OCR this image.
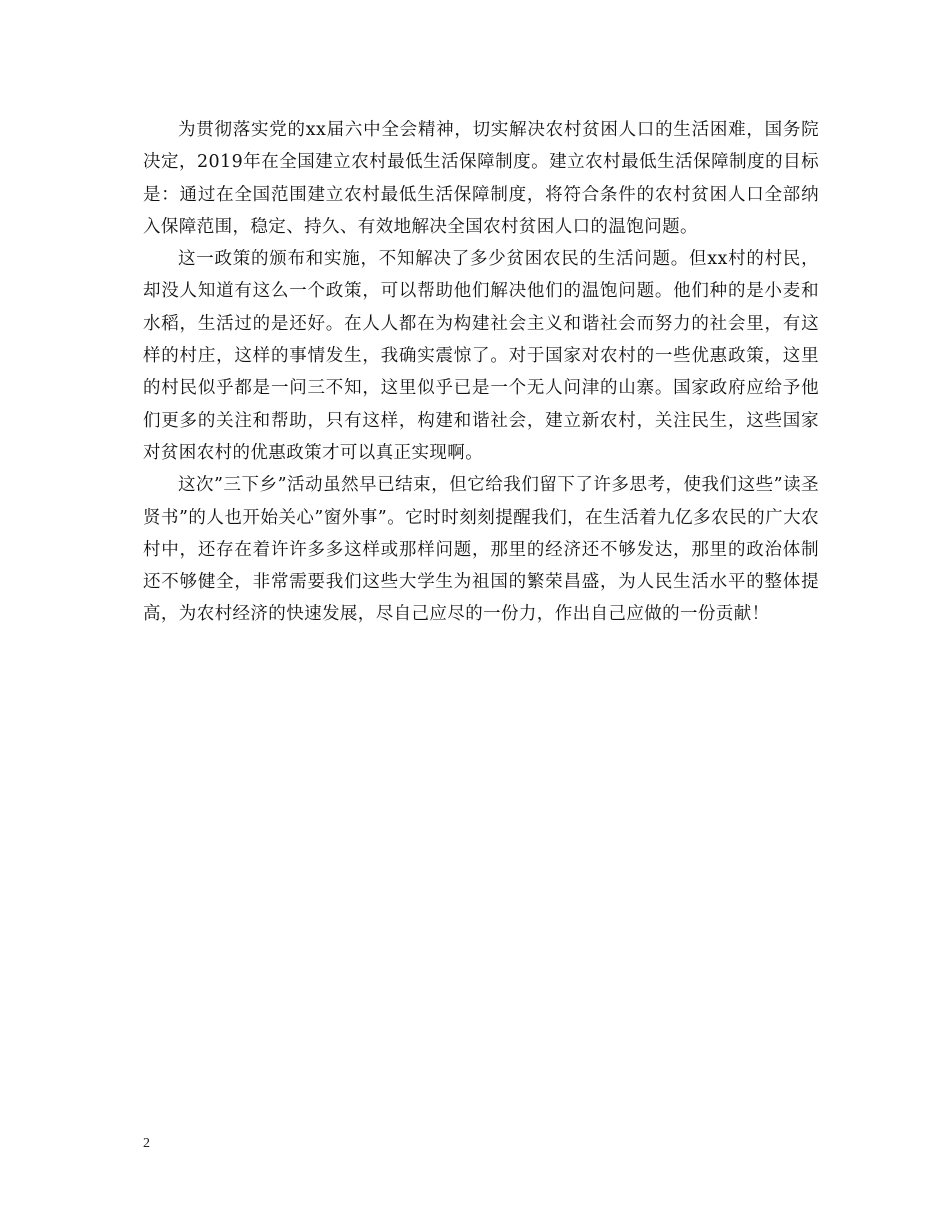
为贯彻落实党的xx届六中全会精神，切实解决农村贫困人口的生活困难，国务院决定，2019年在全国建立农村最低生活保障制度。建立农村最低生活保障制度的目标是：通过在全国范围建立农村最低生活保障制度，将符合条件的农村贫困人口全部纳入保障范围，稳定、持久、有效地解决全国农村贫困人口的温饱问题。

这一政策的颁布和实施，不知解决了多少贫困农民的生活问题。但xx村的村民，却没人知道有这么一个政策，可以帮助他们解决他们的温饱问题。他们种的是小麦和水稻，生活过的是还好。在人人都在为构建社会主义和谐社会而努力的社会里，有这样的村庄，这样的事情发生，我确实震惊了。对于国家对农村的一些优惠政策，这里的村民似乎都是一问三不知，这里似乎已是一个无人问津的山寨。国家政府应给予他们更多的关注和帮助，只有这样，构建和谐社会，建立新农村，关注民生，这些国家对贫困农村的优惠政策才可以真正实现啊。

这次”三下乡”活动虽然早已结束，但它给我们留下了许多思考，使我们这些”读圣贤书”的人也开始关心”窗外事”。它时时刻刻提醒我们，在生活着九亿多农民的广大农村中，还存在着许许多多这样或那样问题，那里的经济还不够发达，那里的政治体制还不够健全，非常需要我们这些大学生为祖国的繁荣昌盛，为人民生活水平的整体提高，为农村经济的快速发展，尽自己应尽的一份力，作出自己应做的一份贡献！

2
